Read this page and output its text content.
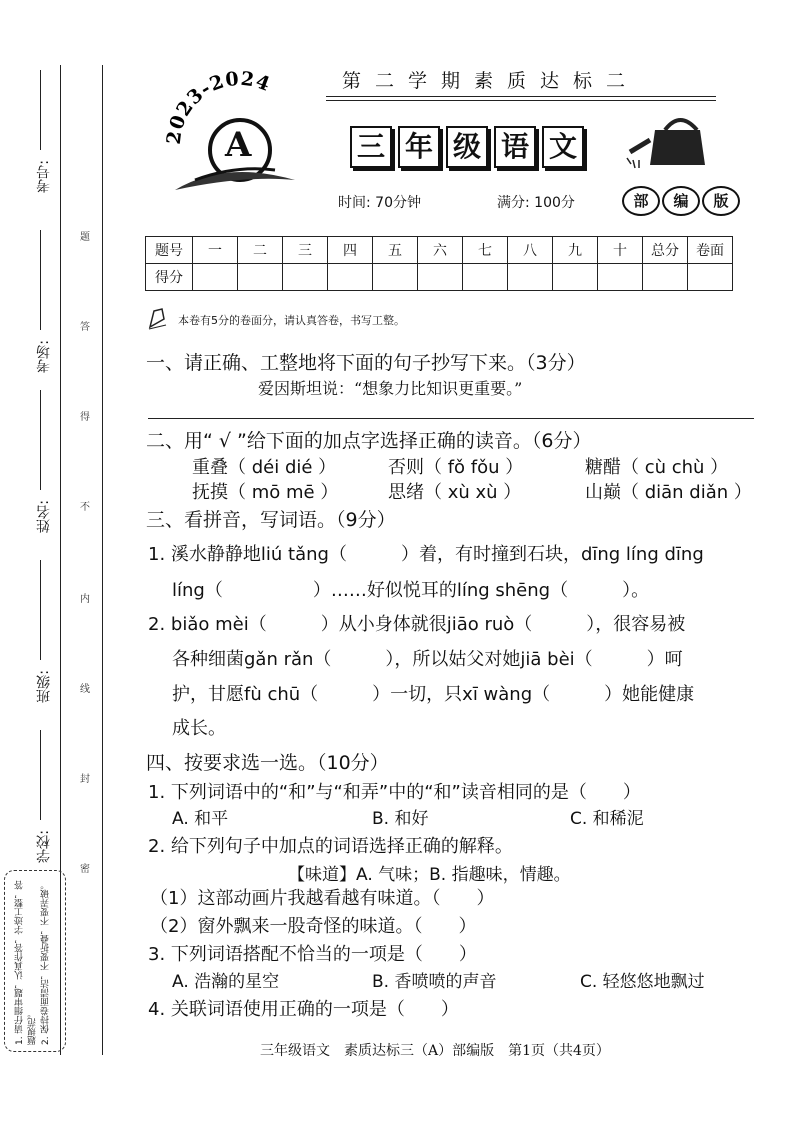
考号:
考场:
姓名:
班级:
学校:
题
答
得
不
内
线
封
密
1. 请仔细审题，认真作答，字迹工整，答题规范。 2. 保持卷面清洁，不要折叠，不要弄破。
2023-2024
A
第二学期素质达标二
三 年 级 语 文
时间: 70分钟	满分: 100分	部	编	版
题号	一	二	三	四	五	六	七	八	九	十	总分	卷面
得分												
本卷有5分的卷面分，请认真答卷，书写工整。
一、请正确、工整地将下面的句子抄写下来。（3分）
爱因斯坦说：“想象力比知识更重要。”
二、用“ √ ”给下面的加点字选择正确的读音。（6分）
重叠（ déi dié ）	否则（ fǒ fǒu ）	糖醋（ cù chù ）
抚摸（ mō mē ）	思绪（ xù xù ）	山巅（ diān diǎn ）
三、看拼音，写词语。（9分）
1. 溪水静静地liú tǎng（　　　）着，有时撞到石块，dīng líng dīng
líng（　　　　　）……好似悦耳的líng shēng（　　　）。
2. biǎo mèi（　　　）从小身体就很jiāo ruò（　　　），很容易被
各种细菌gǎn rǎn（　　　），所以姑父对她jiā bèi（　　　）呵
护，甘愿fù chū（　　　）一切，只xī wàng（　　　）她能健康
成长。
四、按要求选一选。（10分）
1. 下列词语中的“和”与“和弄”中的“和”读音相同的是（　　）
A. 和平	B. 和好	C. 和稀泥
2. 给下列句子中加点的词语选择正确的解释。
【味道】A. 气味；B. 指趣味，情趣。
（1）这部动画片我越看越有味道。（　　）
（2）窗外飘来一股奇怪的味道。（　　）
3. 下列词语搭配不恰当的一项是（　　）
A. 浩瀚的星空	B. 香喷喷的声音	C. 轻悠悠地飘过
4. 关联词语使用正确的一项是（　　）
三年级语文　素质达标三（A）部编版　第1页（共4页）
